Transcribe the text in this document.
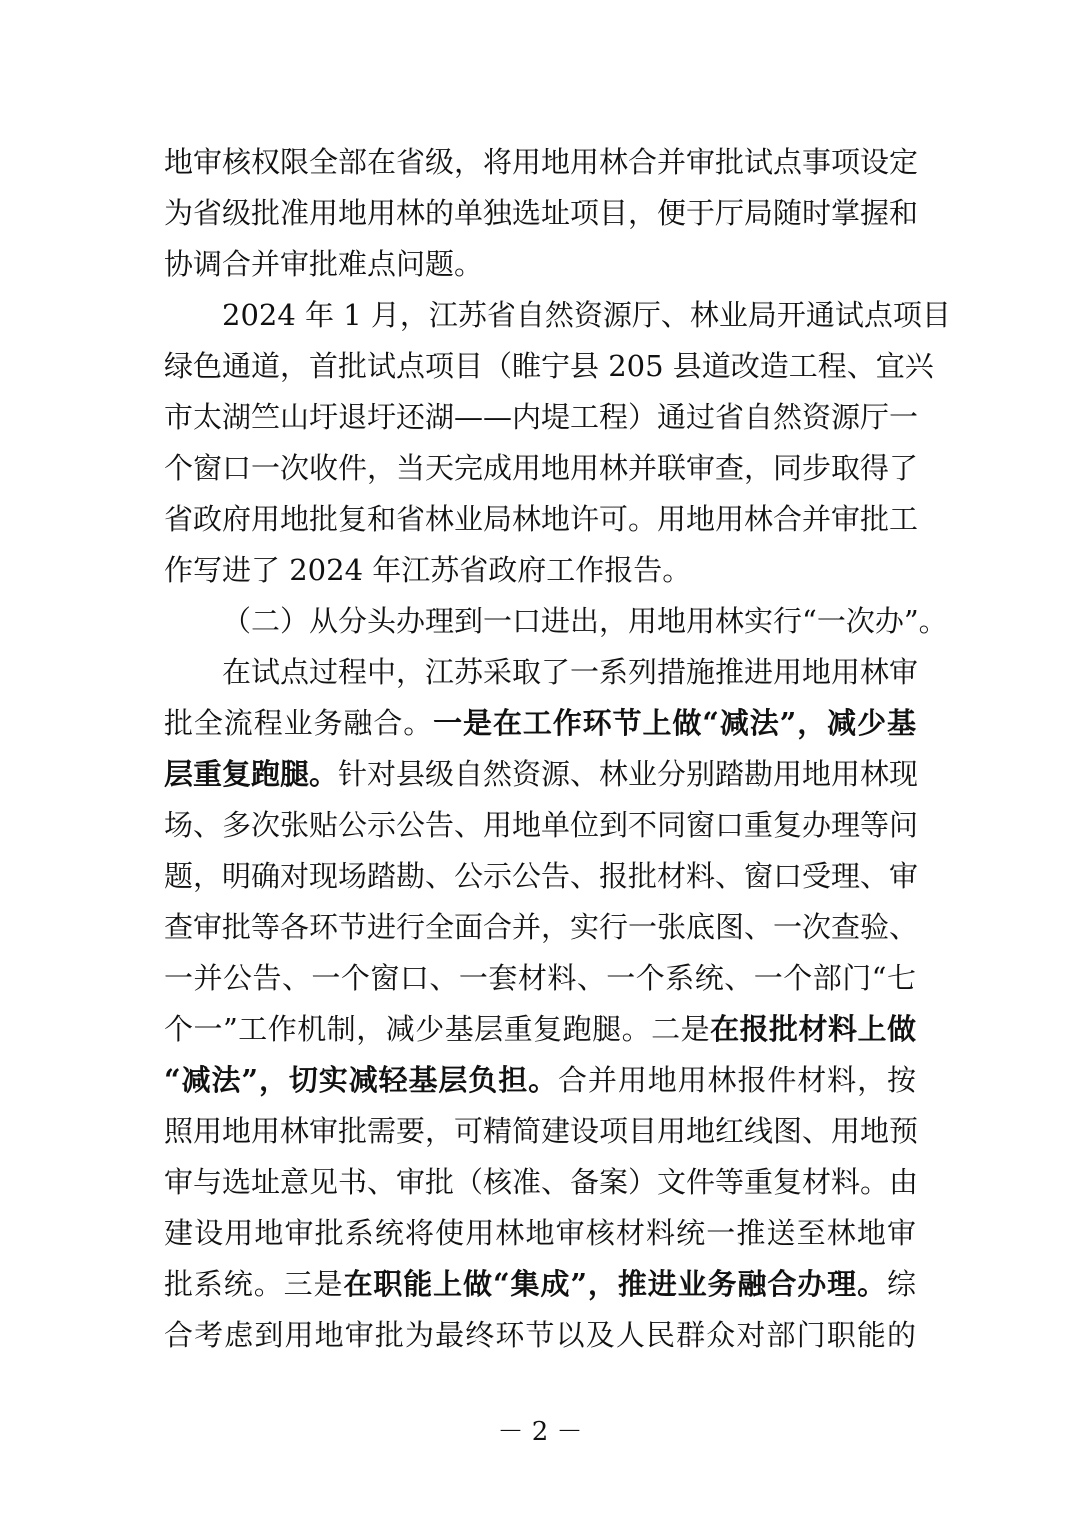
地审核权限全部在省级，将用地用林合并审批试点事项设定
为省级批准用地用林的单独选址项目，便于厅局随时掌握和
协调合并审批难点问题。
2024 年 1 月，江苏省自然资源厅、林业局开通试点项目
绿色通道，首批试点项目（睢宁县 205 县道改造工程、宜兴
市太湖竺山圩退圩还湖——内堤工程）通过省自然资源厅一
个窗口一次收件，当天完成用地用林并联审查，同步取得了
省政府用地批复和省林业局林地许可。用地用林合并审批工
作写进了 2024 年江苏省政府工作报告。
（二）从分头办理到一口进出，用地用林实行“一次办”。
在试点过程中，江苏采取了一系列措施推进用地用林审
批全流程业务融合。一是在工作环节上做“减法”，减少基
层重复跑腿。针对县级自然资源、林业分别踏勘用地用林现
场、多次张贴公示公告、用地单位到不同窗口重复办理等问
题，明确对现场踏勘、公示公告、报批材料、窗口受理、审
查审批等各环节进行全面合并，实行一张底图、一次查验、
一并公告、一个窗口、一套材料、一个系统、一个部门“七
个一”工作机制，减少基层重复跑腿。二是在报批材料上做
“减法”，切实减轻基层负担。合并用地用林报件材料，按
照用地用林审批需要，可精简建设项目用地红线图、用地预
审与选址意见书、审批（核准、备案）文件等重复材料。由
建设用地审批系统将使用林地审核材料统一推送至林地审
批系统。三是在职能上做“集成”，推进业务融合办理。综
合考虑到用地审批为最终环节以及人民群众对部门职能的
－ 2 －
